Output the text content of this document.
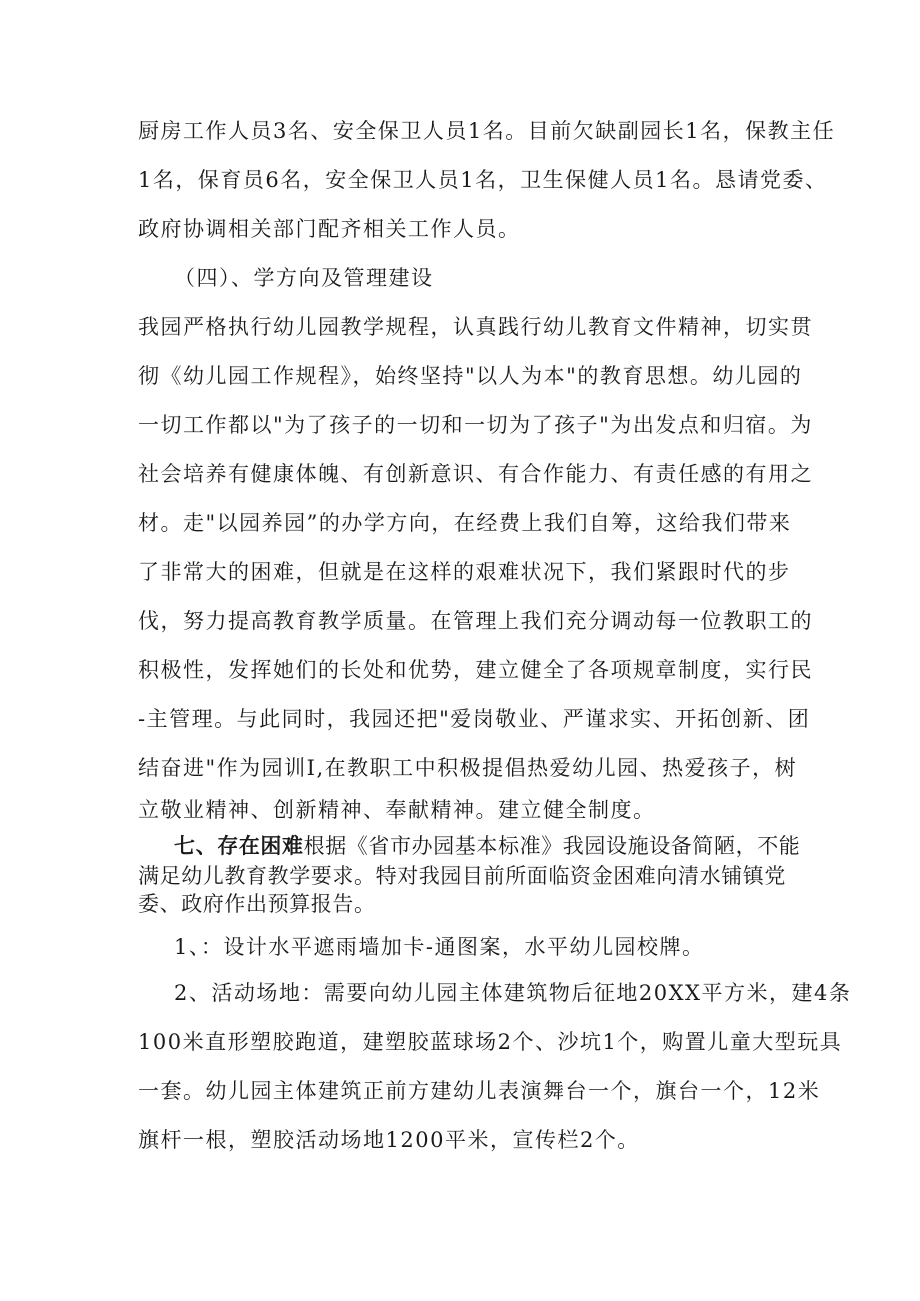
厨房工作人员3名、安全保卫人员1名。目前欠缺副园长1名，保教主任
1名，保育员6名，安全保卫人员1名，卫生保健人员1名。恳请党委、
政府协调相关部门配齐相关工作人员。
（四）、学方向及管理建设
我园严格执行幼儿园教学规程，认真践行幼儿教育文件精神，切实贯
彻《幼儿园工作规程》，始终坚持"以人为本"的教育思想。幼儿园的
一切工作都以"为了孩子的一切和一切为了孩子"为出发点和归宿。为
社会培养有健康体魄、有创新意识、有合作能力、有责任感的有用之
材。走"以园养园”的办学方向，在经费上我们自筹，这给我们带来
了非常大的困难，但就是在这样的艰难状况下，我们紧跟时代的步
伐，努力提高教育教学质量。在管理上我们充分调动每一位教职工的
积极性，发挥她们的长处和优势，建立健全了各项规章制度，实行民
-主管理。与此同时，我园还把"爱岗敬业、严谨求实、开拓创新、团
结奋进"作为园训I,在教职工中积极提倡热爱幼儿园、热爱孩子，树
立敬业精神、创新精神、奉献精神。建立健全制度。
七、存在困难根据《省市办园基本标准》我园设施设备简陋，不能
满足幼儿教育教学要求。特对我园目前所面临资金困难向清水铺镇党
委、政府作出预算报告。
1、：设计水平遮雨墙加卡-通图案，水平幼儿园校牌。
2、活动场地：需要向幼儿园主体建筑物后征地20XX平方米，建4条
100米直形塑胶跑道，建塑胶蓝球场2个、沙坑1个，购置儿童大型玩具
一套。幼儿园主体建筑正前方建幼儿表演舞台一个，旗台一个，12米
旗杆一根，塑胶活动场地1200平米，宣传栏2个。
